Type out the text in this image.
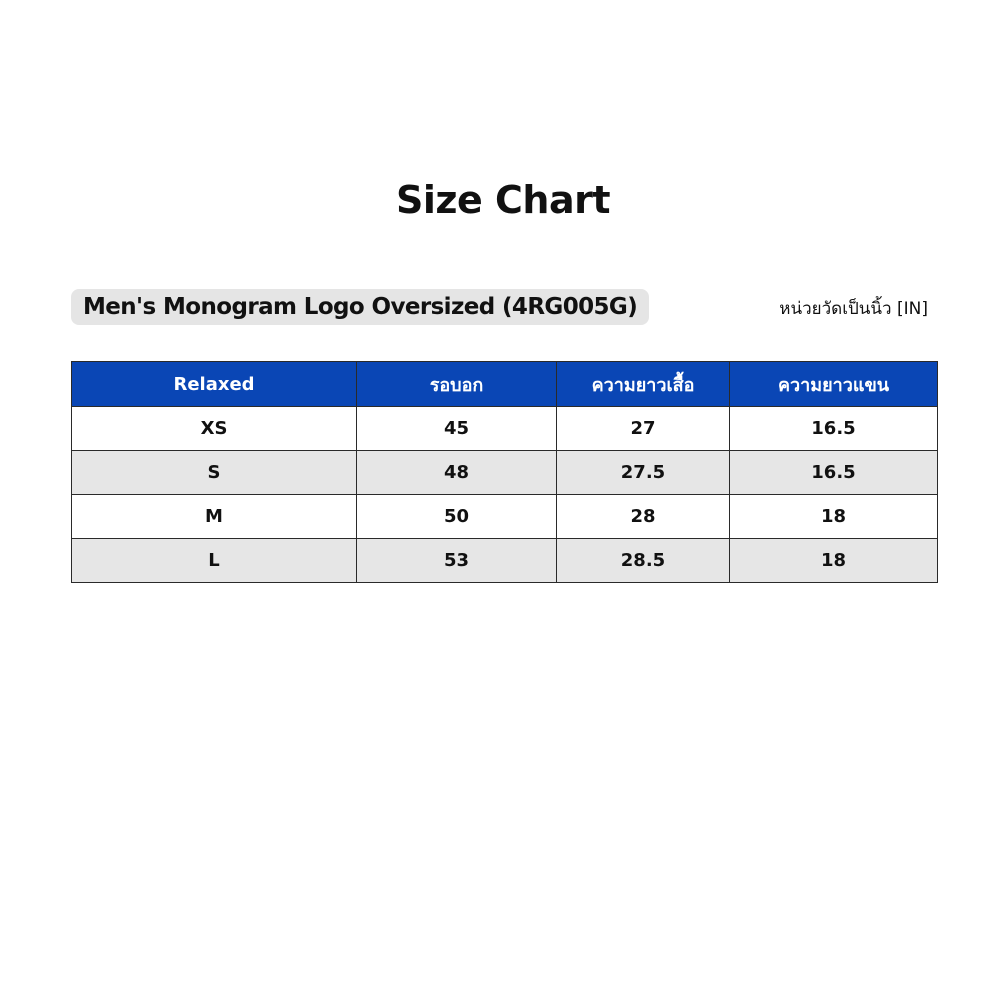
Size Chart
Men's Monogram Logo Oversized (4RG005G)	หน่วยวัดเป็นนิ้ว [IN]
Relaxed	รอบอก	ความยาวเสื้อ	ความยาวแขน
XS	45	27	16.5
S	48	27.5	16.5
M	50	28	18
L	53	28.5	18
